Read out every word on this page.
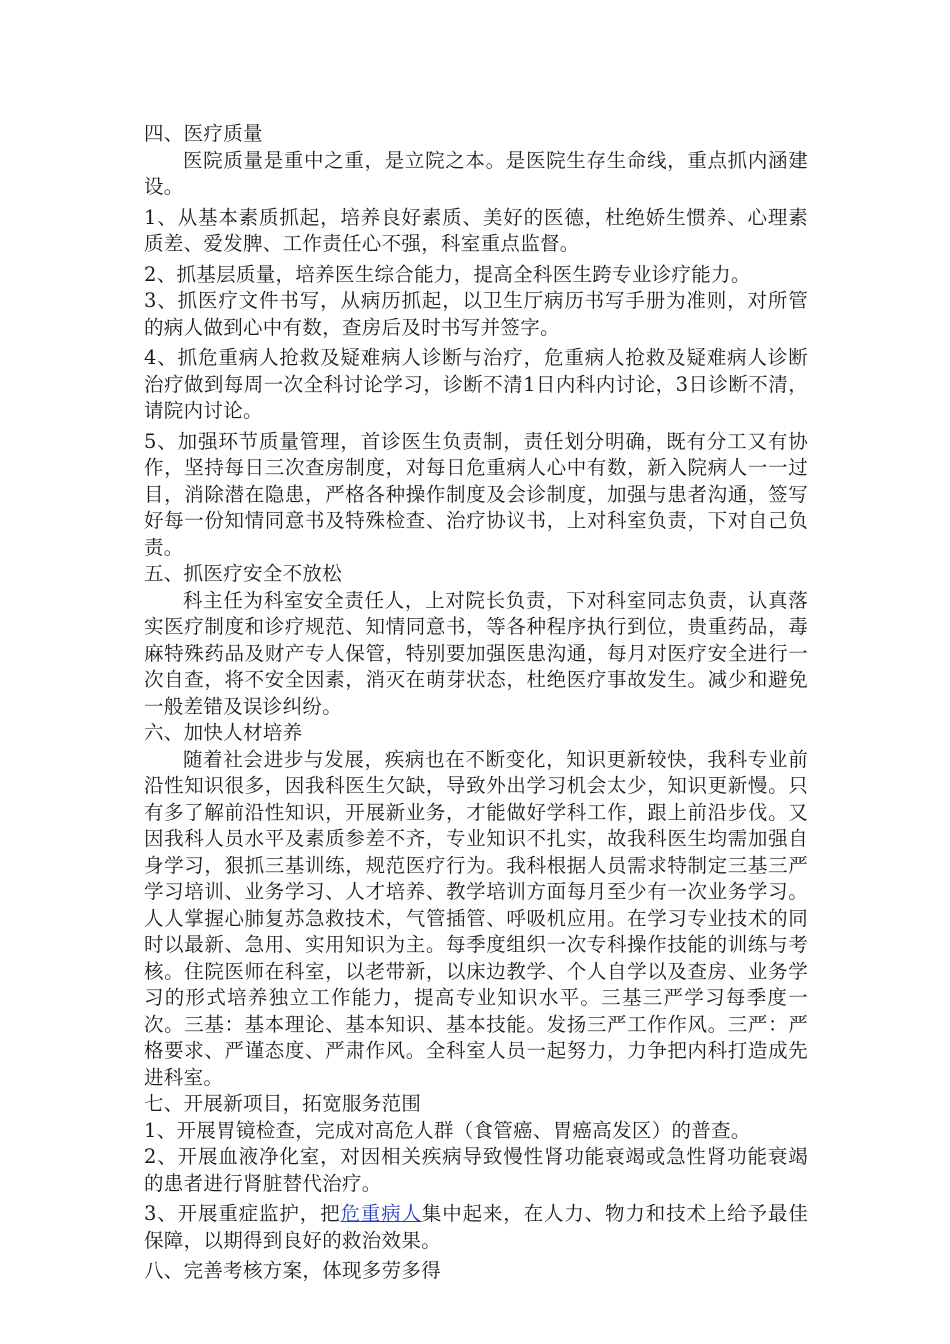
四、医疗质量

医院质量是重中之重，是立院之本。是医院生存生命线，重点抓内涵建设。

1、从基本素质抓起，培养良好素质、美好的医德，杜绝娇生惯养、心理素质差、爱发脾、工作责任心不强，科室重点监督。

2、抓基层质量，培养医生综合能力，提高全科医生跨专业诊疗能力。

3、抓医疗文件书写，从病历抓起，以卫生厅病历书写手册为准则，对所管的病人做到心中有数，查房后及时书写并签字。

4、抓危重病人抢救及疑难病人诊断与治疗，危重病人抢救及疑难病人诊断治疗做到每周一次全科讨论学习，诊断不清1日内科内讨论，3日诊断不清，请院内讨论。

5、加强环节质量管理，首诊医生负责制，责任划分明确，既有分工又有协作，坚持每日三次查房制度，对每日危重病人心中有数，新入院病人一一过目，消除潜在隐患，严格各种操作制度及会诊制度，加强与患者沟通，签写好每一份知情同意书及特殊检查、治疗协议书，上对科室负责，下对自己负责。

五、抓医疗安全不放松

科主任为科室安全责任人，上对院长负责，下对科室同志负责，认真落实医疗制度和诊疗规范、知情同意书，等各种程序执行到位，贵重药品，毒麻特殊药品及财产专人保管，特别要加强医患沟通，每月对医疗安全进行一次自查，将不安全因素，消灭在萌芽状态，杜绝医疗事故发生。减少和避免一般差错及误诊纠纷。

六、加快人材培养

随着社会进步与发展，疾病也在不断变化，知识更新较快，我科专业前沿性知识很多，因我科医生欠缺，导致外出学习机会太少，知识更新慢。只有多了解前沿性知识，开展新业务，才能做好学科工作，跟上前沿步伐。又因我科人员水平及素质参差不齐，专业知识不扎实，故我科医生均需加强自身学习，狠抓三基训练，规范医疗行为。我科根据人员需求特制定三基三严学习培训、业务学习、人才培养、教学培训方面每月至少有一次业务学习。人人掌握心肺复苏急救技术，气管插管、呼吸机应用。在学习专业技术的同时以最新、急用、实用知识为主。每季度组织一次专科操作技能的训练与考核。住院医师在科室，以老带新，以床边教学、个人自学以及查房、业务学习的形式培养独立工作能力，提高专业知识水平。三基三严学习每季度一次。三基：基本理论、基本知识、基本技能。发扬三严工作作风。三严：严格要求、严谨态度、严肃作风。全科室人员一起努力，力争把内科打造成先进科室。

七、开展新项目，拓宽服务范围

1、开展胃镜检查，完成对高危人群（食管癌、胃癌高发区）的普查。

2、开展血液净化室，对因相关疾病导致慢性肾功能衰竭或急性肾功能衰竭的患者进行肾脏替代治疗。

3、开展重症监护，把危重病人集中起来，在人力、物力和技术上给予最佳保障，以期得到良好的救治效果。

八、完善考核方案，体现多劳多得
